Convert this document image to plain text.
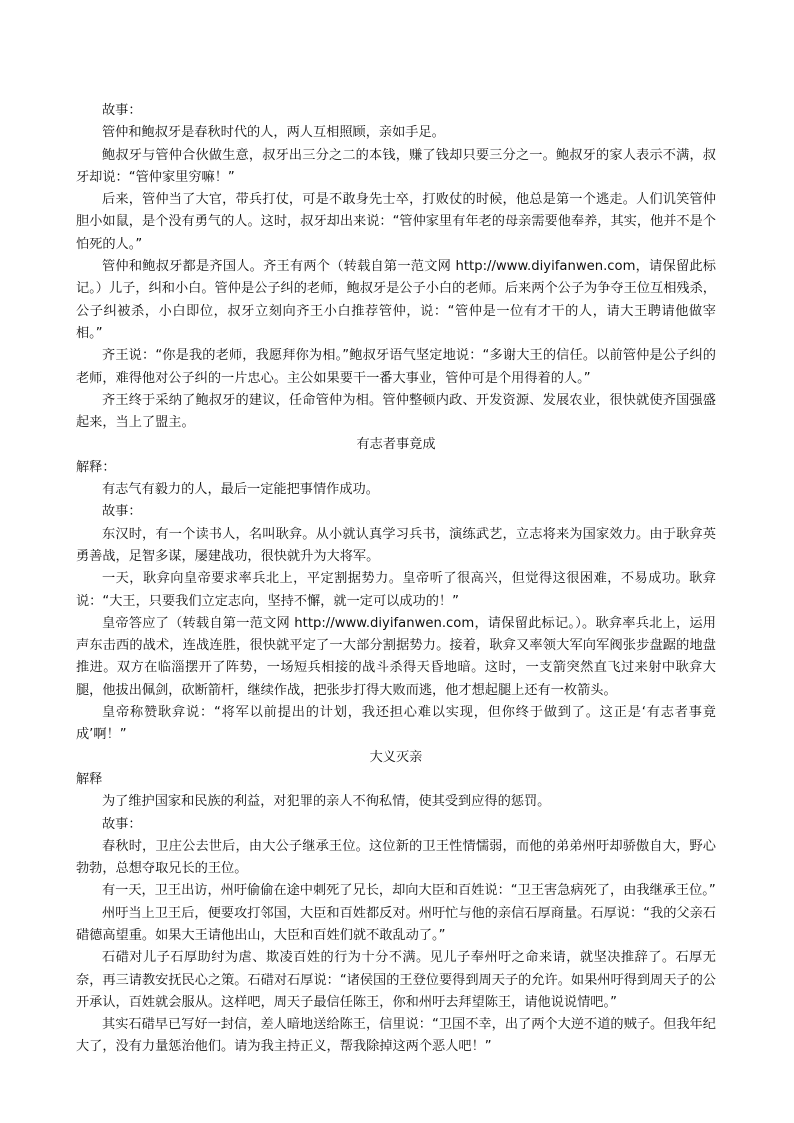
故事：

管仲和鲍叔牙是春秋时代的人，两人互相照顾，亲如手足。

鲍叔牙与管仲合伙做生意，叔牙出三分之二的本钱，赚了钱却只要三分之一。鲍叔牙的家人表示不满，叔牙却说：“管仲家里穷嘛！”

后来，管仲当了大官，带兵打仗，可是不敢身先士卒，打败仗的时候，他总是第一个逃走。人们讥笑管仲胆小如鼠，是个没有勇气的人。这时，叔牙却出来说：“管仲家里有年老的母亲需要他奉养，其实，他并不是个怕死的人。”

管仲和鲍叔牙都是齐国人。齐王有两个（转载自第一范文网 http://www.diyifanwen.com，请保留此标记。）儿子，纠和小白。管仲是公子纠的老师，鲍叔牙是公子小白的老师。后来两个公子为争夺王位互相残杀，公子纠被杀，小白即位，叔牙立刻向齐王小白推荐管仲，说：“管仲是一位有才干的人，请大王聘请他做宰相。”

齐王说：“你是我的老师，我愿拜你为相。”鲍叔牙语气坚定地说：“多谢大王的信任。以前管仲是公子纠的老师，难得他对公子纠的一片忠心。主公如果要干一番大事业，管仲可是个用得着的人。”

齐王终于采纳了鲍叔牙的建议，任命管仲为相。管仲整顿内政、开发资源、发展农业，很快就使齐国强盛起来，当上了盟主。

有志者事竟成

解释：

有志气有毅力的人，最后一定能把事情作成功。

故事：

东汉时，有一个读书人，名叫耿弇。从小就认真学习兵书，演练武艺，立志将来为国家效力。由于耿弇英勇善战，足智多谋，屡建战功，很快就升为大将军。

一天，耿弇向皇帝要求率兵北上，平定割据势力。皇帝听了很高兴，但觉得这很困难，不易成功。耿弇说：“大王，只要我们立定志向，坚持不懈，就一定可以成功的！”

皇帝答应了（转载自第一范文网 http://www.diyifanwen.com，请保留此标记。）。耿弇率兵北上，运用声东击西的战术，连战连胜，很快就平定了一大部分割据势力。接着，耿弇又率领大军向军阀张步盘踞的地盘推进。双方在临淄摆开了阵势，一场短兵相接的战斗杀得天昏地暗。这时，一支箭突然直飞过来射中耿弇大腿，他拔出佩剑，砍断箭杆，继续作战，把张步打得大败而逃，他才想起腿上还有一枚箭头。

皇帝称赞耿弇说：“将军以前提出的计划，我还担心难以实现，但你终于做到了。这正是‘有志者事竟成’啊！”

大义灭亲

解释

为了维护国家和民族的利益，对犯罪的亲人不徇私情，使其受到应得的惩罚。

故事：

春秋时，卫庄公去世后，由大公子继承王位。这位新的卫王性情懦弱，而他的弟弟州吁却骄傲自大，野心勃勃，总想夺取兄长的王位。

有一天，卫王出访，州吁偷偷在途中刺死了兄长，却向大臣和百姓说：“卫王害急病死了，由我继承王位。”

州吁当上卫王后，便要攻打邻国，大臣和百姓都反对。州吁忙与他的亲信石厚商量。石厚说：“我的父亲石碏德高望重。如果大王请他出山，大臣和百姓们就不敢乱动了。”

石碏对儿子石厚助纣为虐、欺凌百姓的行为十分不满。见儿子奉州吁之命来请，就坚决推辞了。石厚无奈，再三请教安抚民心之策。石碏对石厚说：“诸侯国的王登位要得到周天子的允许。如果州吁得到周天子的公开承认，百姓就会服从。这样吧，周天子最信任陈王，你和州吁去拜望陈王，请他说说情吧。”

其实石碏早已写好一封信，差人暗地送给陈王，信里说：“卫国不幸，出了两个大逆不道的贼子。但我年纪大了，没有力量惩治他们。请为我主持正义，帮我除掉这两个恶人吧！”
